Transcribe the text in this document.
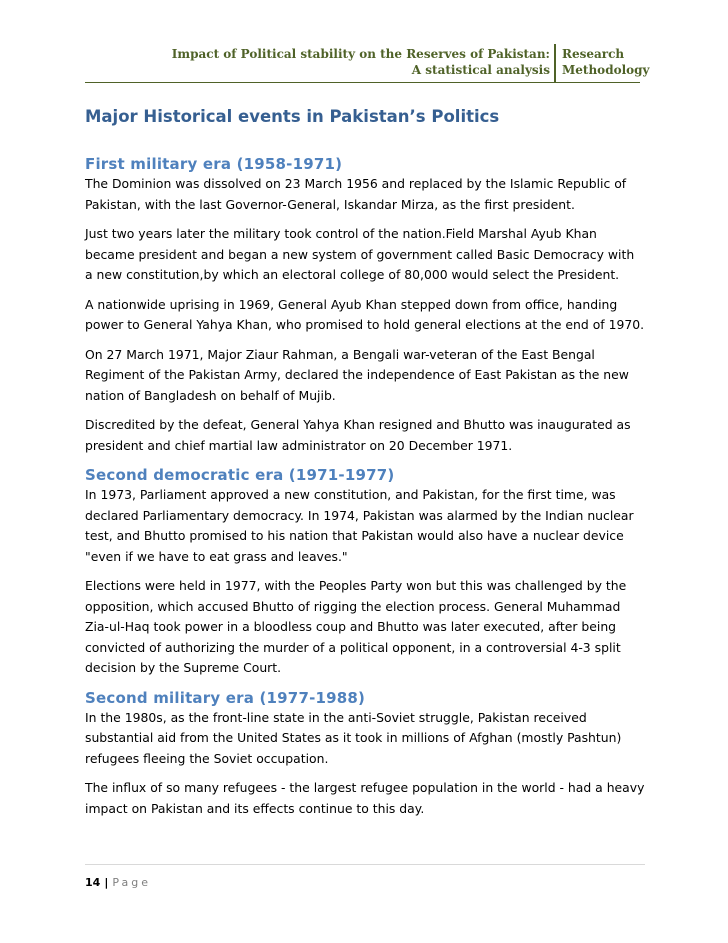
Impact of Political stability on the Reserves of Pakistan:
A statistical analysis
Research
Methodology
Major Historical events in Pakistan’s Politics
First military era (1958-1971)

The Dominion was dissolved on 23 March 1956 and replaced by the Islamic Republic of Pakistan, with the last Governor-General, Iskandar Mirza, as the first president.

Just two years later the military took control of the nation.Field Marshal Ayub Khan became president and began a new system of government called Basic Democracy with a new constitution,by which an electoral college of 80,000 would select the President.

A nationwide uprising in 1969, General Ayub Khan stepped down from office, handing power to General Yahya Khan, who promised to hold general elections at the end of 1970.

On 27 March 1971, Major Ziaur Rahman, a Bengali war-veteran of the East Bengal Regiment of the Pakistan Army, declared the independence of East Pakistan as the new nation of Bangladesh on behalf of Mujib.

Discredited by the defeat, General Yahya Khan resigned and Bhutto was inaugurated as president and chief martial law administrator on 20 December 1971.

Second democratic era (1971-1977)

In 1973, Parliament approved a new constitution, and Pakistan, for the first time, was declared Parliamentary democracy. In 1974, Pakistan was alarmed by the Indian nuclear test, and Bhutto promised to his nation that Pakistan would also have a nuclear device "even if we have to eat grass and leaves."

Elections were held in 1977, with the Peoples Party won but this was challenged by the opposition, which accused Bhutto of rigging the election process. General Muhammad Zia-ul-Haq took power in a bloodless coup and Bhutto was later executed, after being convicted of authorizing the murder of a political opponent, in a controversial 4-3 split decision by the Supreme Court.

Second military era (1977-1988)

In the 1980s, as the front-line state in the anti-Soviet struggle, Pakistan received substantial aid from the United States as it took in millions of Afghan (mostly Pashtun) refugees fleeing the Soviet occupation.

The influx of so many refugees - the largest refugee population in the world - had a heavy impact on Pakistan and its effects continue to this day.

14 | Page
